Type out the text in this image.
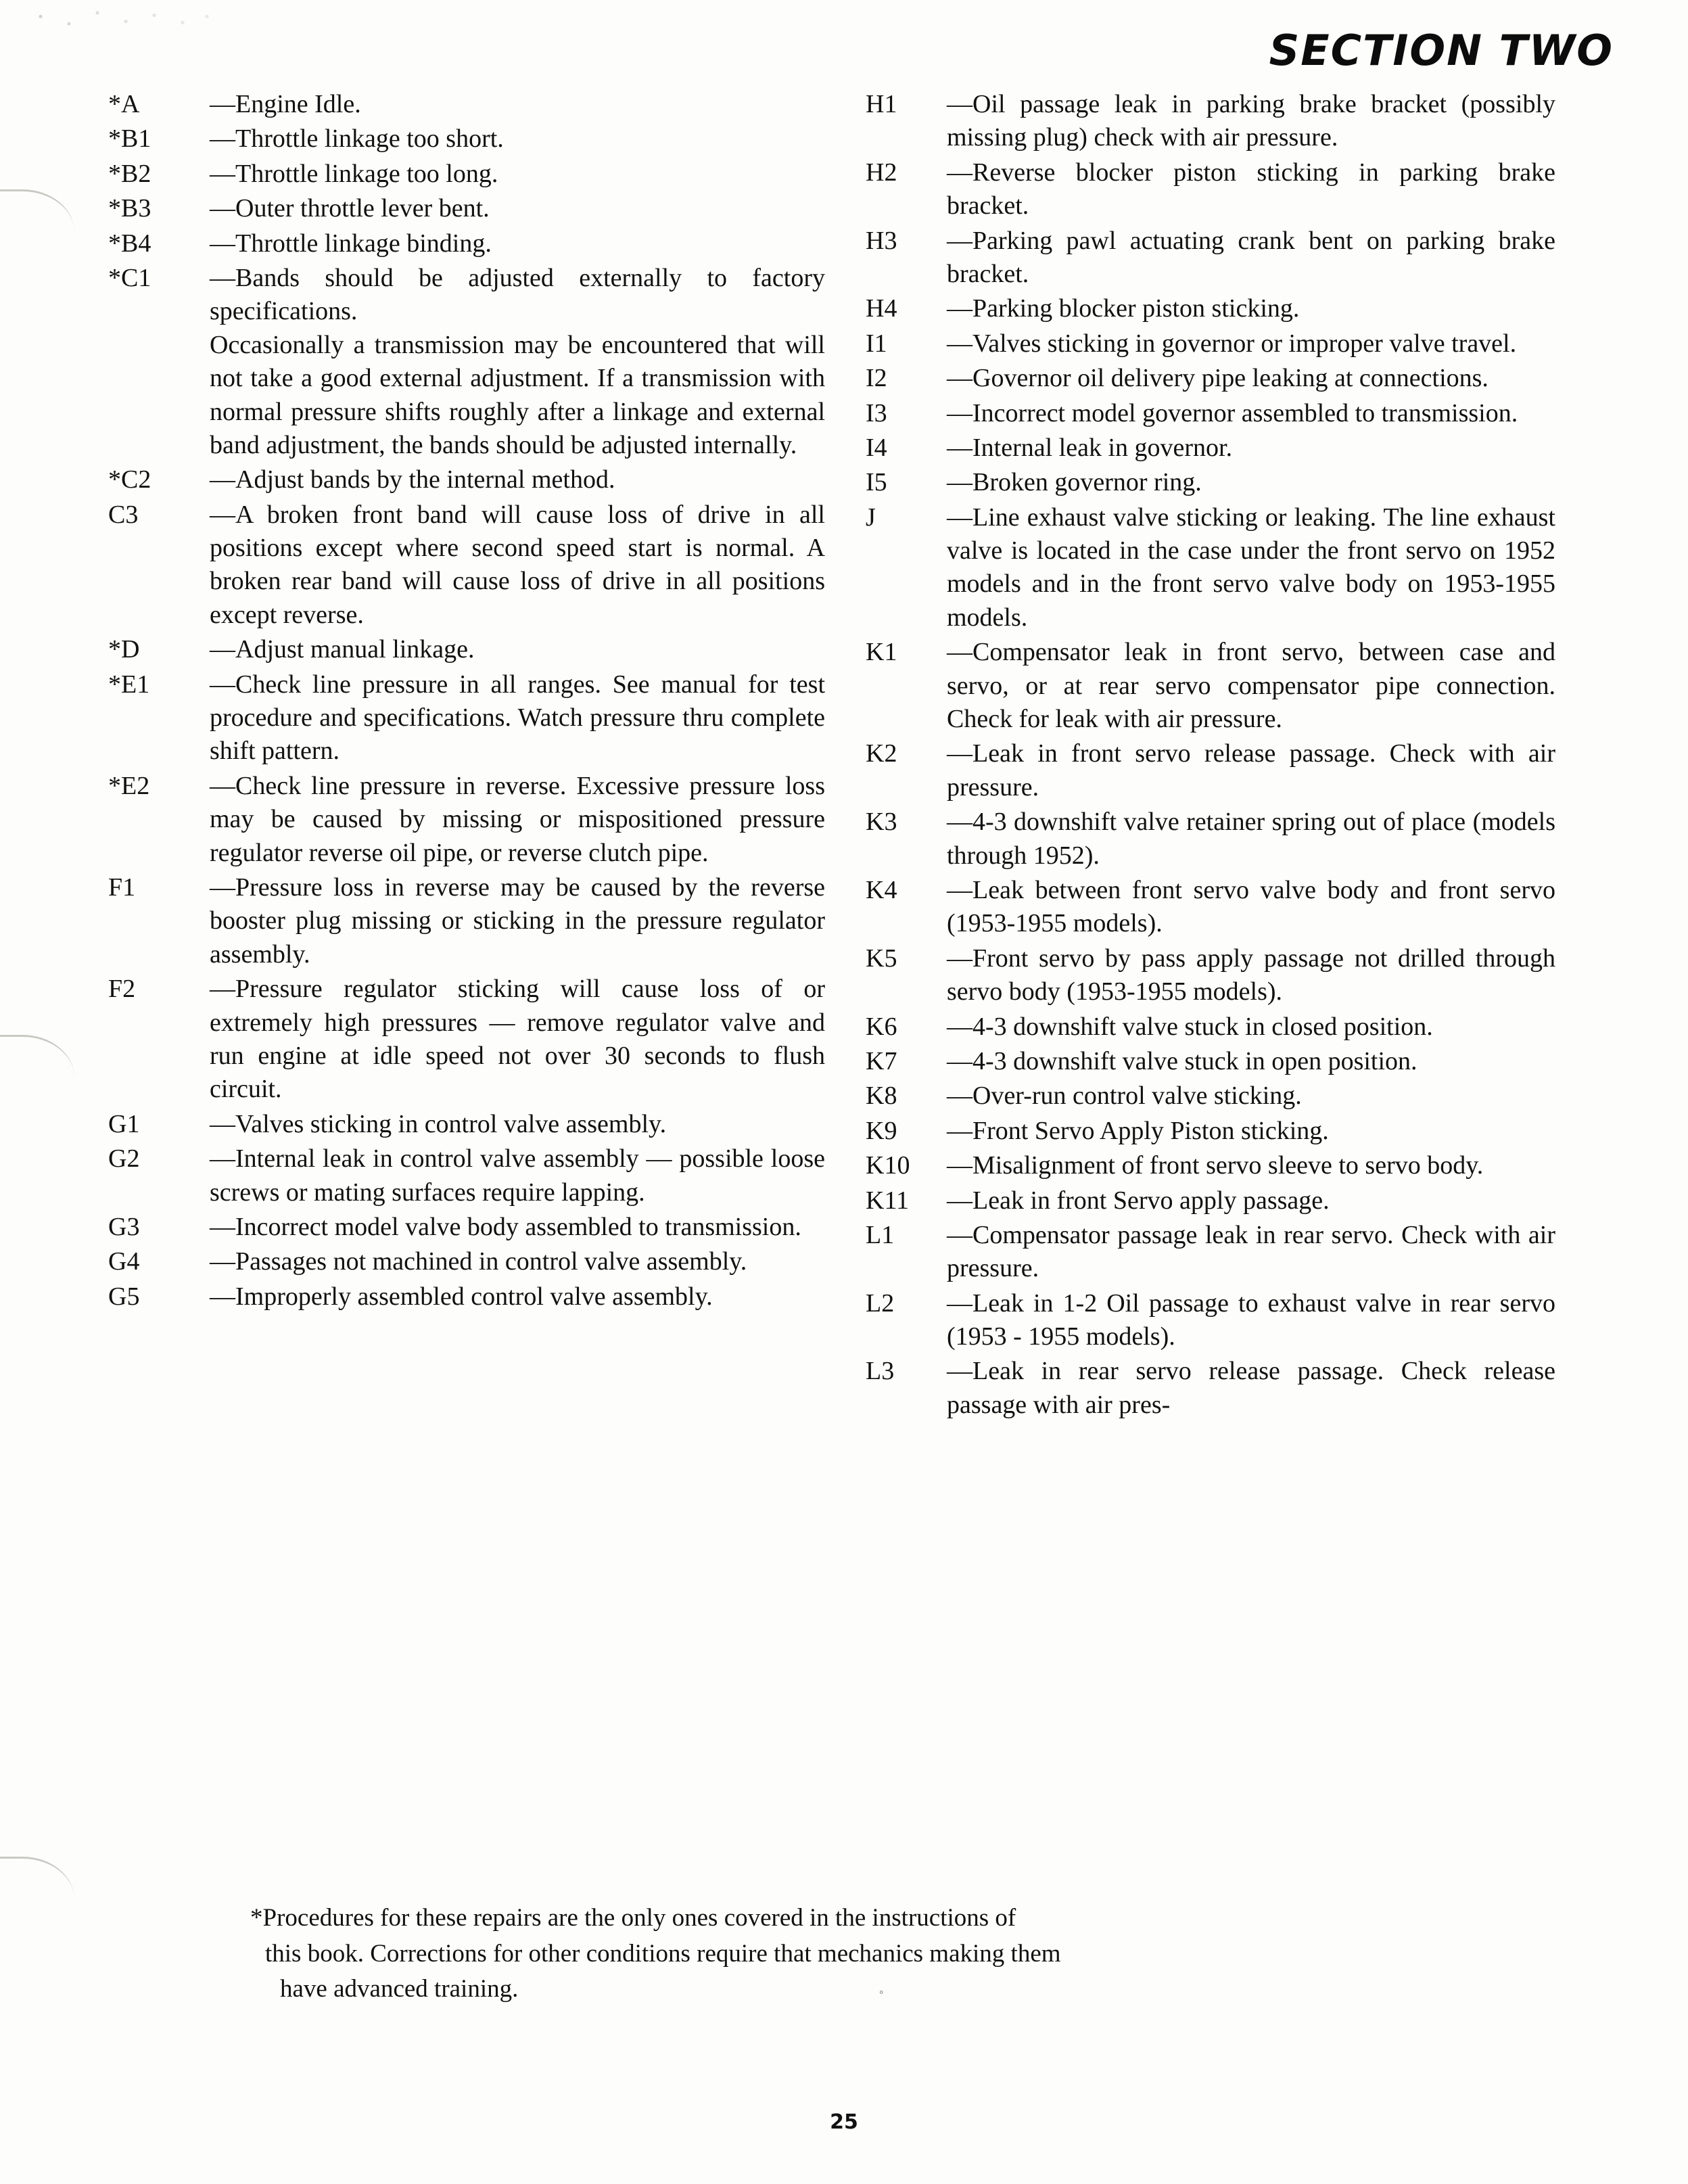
SECTION TWO
*A	—Engine Idle.
*B1	—Throttle linkage too short.
*B2	—Throttle linkage too long.
*B3	—Outer throttle lever bent.
*B4	—Throttle linkage binding.
*C1	—Bands should be adjusted externally to factory specifications.
Occasionally a transmission may be encountered that will not take a good external adjustment. If a transmission with normal pressure shifts roughly after a linkage and external band adjustment, the bands should be adjusted internally.
*C2	—Adjust bands by the internal method.
C3	—A broken front band will cause loss of drive in all positions except where second speed start is normal. A broken rear band will cause loss of drive in all positions except reverse.
*D	—Adjust manual linkage.
*E1	—Check line pressure in all ranges. See manual for test procedure and specifications. Watch pressure thru complete shift pattern.
*E2	—Check line pressure in reverse. Excessive pressure loss may be caused by missing or mispositioned pressure regulator reverse oil pipe, or reverse clutch pipe.
F1	—Pressure loss in reverse may be caused by the reverse booster plug missing or sticking in the pressure regulator assembly.
F2	—Pressure regulator sticking will cause loss of or extremely high pressures — remove regulator valve and run engine at idle speed not over 30 seconds to flush circuit.
G1	—Valves sticking in control valve assembly.
G2	—Internal leak in control valve assembly — possible loose screws or mating surfaces require lapping.
G3	—Incorrect model valve body assembled to transmission.
G4	—Passages not machined in control valve assembly.
G5	—Improperly assembled control valve assembly.
H1	—Oil passage leak in parking brake bracket (possibly missing plug) check with air pressure.
H2	—Reverse blocker piston sticking in parking brake bracket.
H3	—Parking pawl actuating crank bent on parking brake bracket.
H4	—Parking blocker piston sticking.
I1	—Valves sticking in governor or improper valve travel.
I2	—Governor oil delivery pipe leaking at connections.
I3	—Incorrect model governor assembled to transmission.
I4	—Internal leak in governor.
I5	—Broken governor ring.
J	—Line exhaust valve sticking or leaking. The line exhaust valve is located in the case under the front servo on 1952 models and in the front servo valve body on 1953-1955 models.
K1	—Compensator leak in front servo, between case and servo, or at rear servo compensator pipe connection. Check for leak with air pressure.
K2	—Leak in front servo release passage. Check with air pressure.
K3	—4-3 downshift valve retainer spring out of place (models through 1952).
K4	—Leak between front servo valve body and front servo (1953-1955 models).
K5	—Front servo by pass apply passage not drilled through servo body (1953-1955 models).
K6	—4-3 downshift valve stuck in closed position.
K7	—4-3 downshift valve stuck in open position.
K8	—Over-run control valve sticking.
K9	—Front Servo Apply Piston sticking.
K10	—Misalignment of front servo sleeve to servo body.
K11	—Leak in front Servo apply passage.
L1	—Compensator passage leak in rear servo. Check with air pressure.
L2	—Leak in 1-2 Oil passage to exhaust valve in rear servo (1953 - 1955 models).
L3	—Leak in rear servo release passage. Check release passage with air pres-
*Procedures for these repairs are the only ones covered in the instructions of
this book. Corrections for other conditions require that mechanics making them
have advanced training.	◦
25
